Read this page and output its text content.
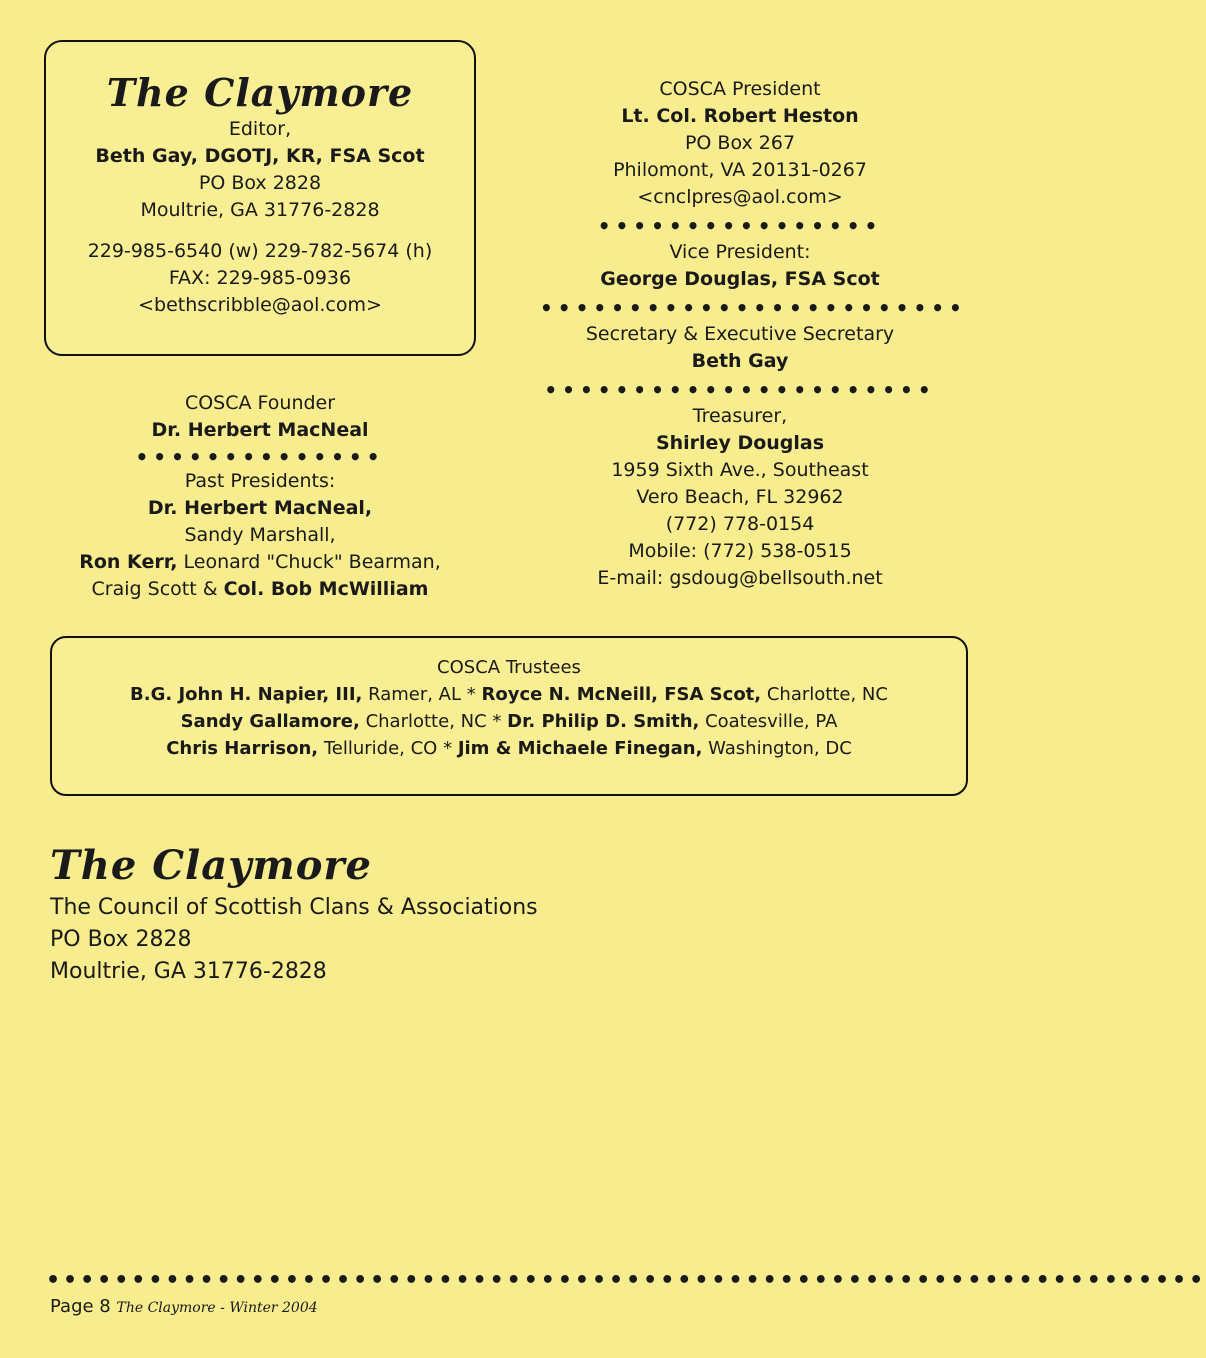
The Claymore
Editor,
Beth Gay, DGOTJ, KR, FSA Scot
PO Box 2828
Moultrie, GA 31776-2828
229-985-6540 (w) 229-782-5674 (h)
FAX: 229-985-0936
<bethscribble@aol.com>
COSCA President
Lt. Col. Robert Heston
PO Box 267
Philomont, VA 20131-0267
<cnclpres@aol.com>
••••••••••••••••
Vice President:
George Douglas, FSA Scot
••••••••••••••••••••••••
Secretary & Executive Secretary
Beth Gay
••••••••••••••••••••••
Treasurer,
Shirley Douglas
1959 Sixth Ave., Southeast
Vero Beach, FL 32962
(772) 778-0154
Mobile: (772) 538-0515
E-mail: gsdoug@bellsouth.net
COSCA Founder
Dr. Herbert MacNeal
••••••••••••••
Past Presidents:
Dr. Herbert MacNeal,
Sandy Marshall,
Ron Kerr, Leonard "Chuck" Bearman,
Craig Scott & Col. Bob McWilliam
COSCA Trustees
B.G. John H. Napier, III, Ramer, AL * Royce N. McNeill, FSA Scot, Charlotte, NC
Sandy Gallamore, Charlotte, NC * Dr. Philip D. Smith, Coatesville, PA
Chris Harrison, Telluride, CO * Jim & Michaele Finegan, Washington, DC
The Claymore
The Council of Scottish Clans & Associations
PO Box 2828
Moultrie, GA 31776-2828
••••••••••••••••••••••••••••••••••••••••••••••••••••••••••••••••••••
Page 8 The Claymore - Winter 2004
